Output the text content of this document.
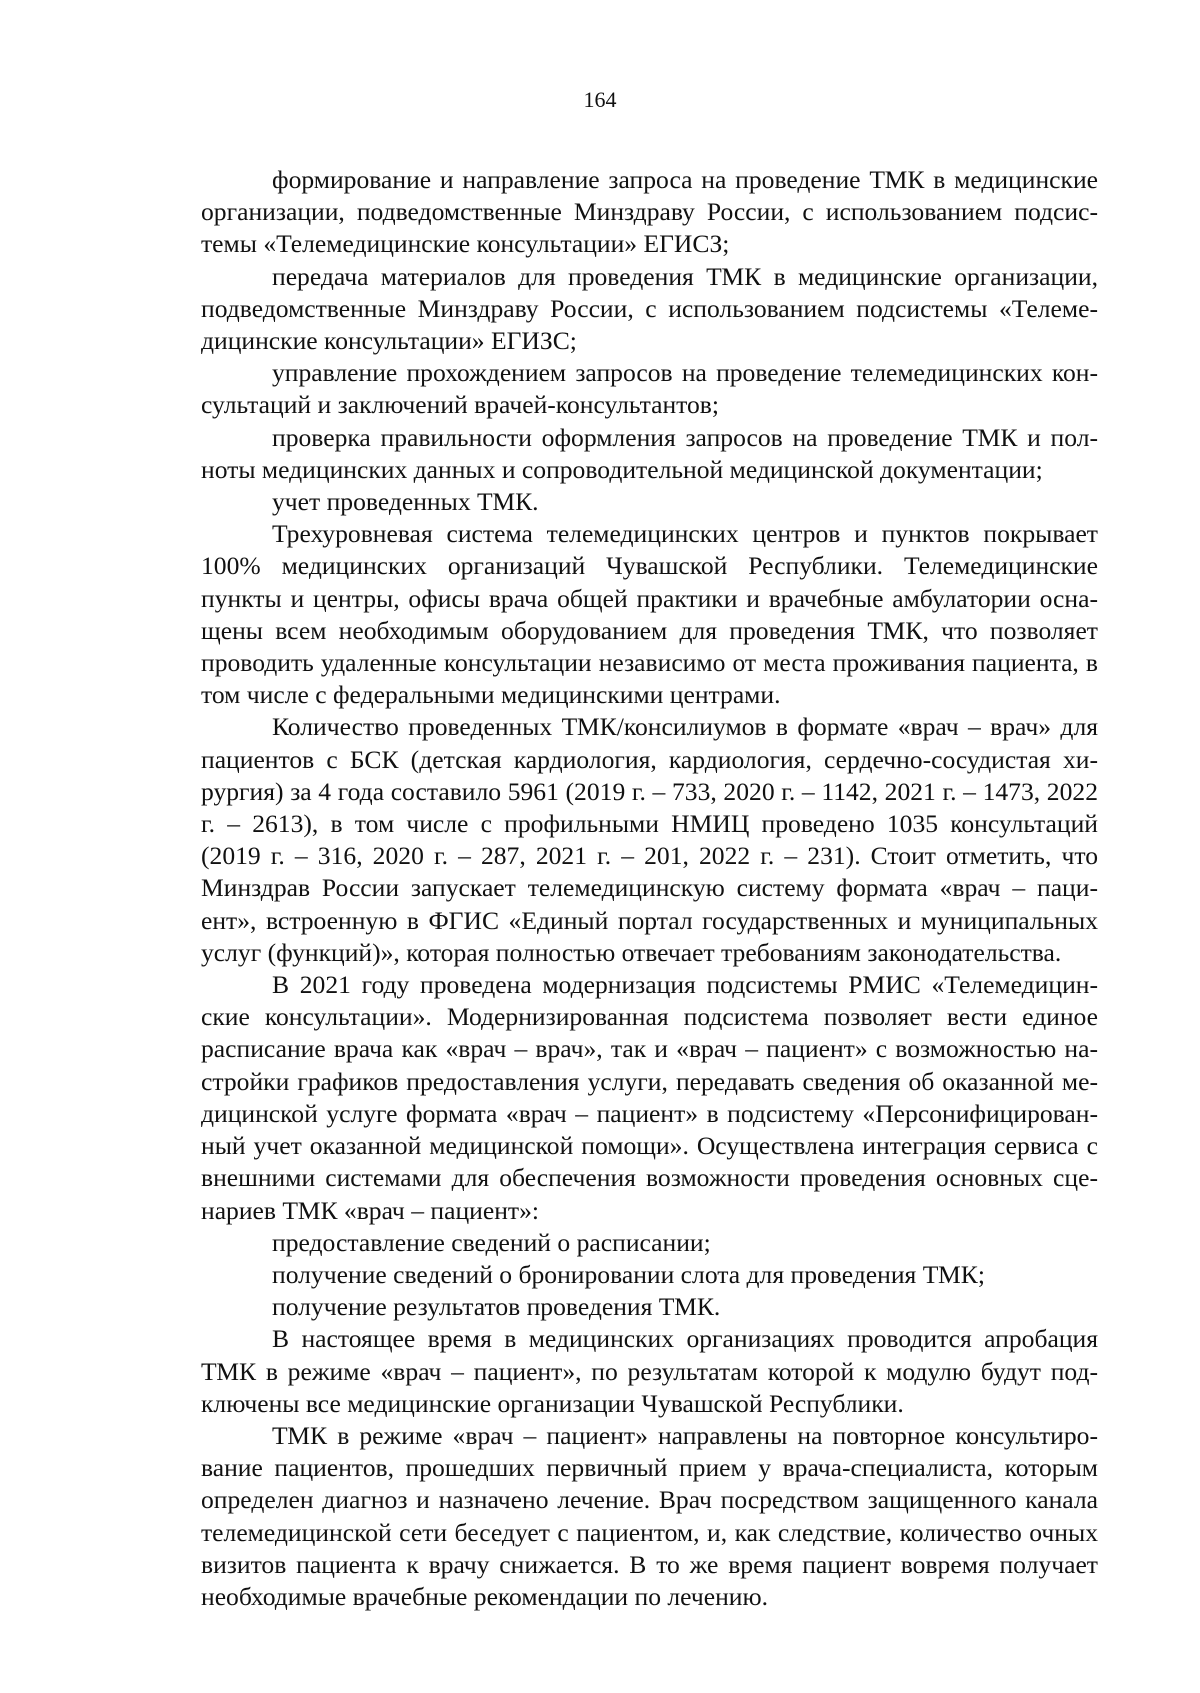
164

формирование и направление запроса на проведение ТМК в медицинские организации, подведомственные Минздраву России, с использованием подсистемы «Телемедицинские консультации» ЕГИСЗ;

передача материалов для проведения ТМК в медицинские организации, подведомственные Минздраву России, с использованием подсистемы «Телемедицинские консультации» ЕГИЗС;

управление прохождением запросов на проведение телемедицинских консультаций и заключений врачей-консультантов;

проверка правильности оформления запросов на проведение ТМК и полноты медицинских данных и сопроводительной медицинской документации;

учет проведенных ТМК.

Трехуровневая система телемедицинских центров и пунктов покрывает 100% медицинских организаций Чувашской Республики. Телемедицинские пункты и центры, офисы врача общей практики и врачебные амбулатории оснащены всем необходимым оборудованием для проведения ТМК, что позволяет проводить удаленные консультации независимо от места проживания пациента, в том числе с федеральными медицинскими центрами.

Количество проведенных ТМК/консилиумов в формате «врач – врач» для пациентов с БСК (детская кардиология, кардиология, сердечно-сосудистая хирургия) за 4 года составило 5961 (2019 г. – 733, 2020 г. – 1142, 2021 г. – 1473, 2022 г. – 2613), в том числе с профильными НМИЦ проведено 1035 консультаций (2019 г. – 316, 2020 г. – 287, 2021 г. – 201, 2022 г. – 231). Стоит отметить, что Минздрав России запускает телемедицинскую систему формата «врач – пациент», встроенную в ФГИС «Единый портал государственных и муниципальных услуг (функций)», которая полностью отвечает требованиям законодательства.

В 2021 году проведена модернизация подсистемы РМИС «Телемедицинские консультации». Модернизированная подсистема позволяет вести единое расписание врача как «врач – врач», так и «врач – пациент» с возможностью настройки графиков предоставления услуги, передавать сведения об оказанной медицинской услуге формата «врач – пациент» в подсистему «Персонифицированный учет оказанной медицинской помощи». Осуществлена интеграция сервиса с внешними системами для обеспечения возможности проведения основных сценариев ТМК «врач – пациент»:

предоставление сведений о расписании;

получение сведений о бронировании слота для проведения ТМК;

получение результатов проведения ТМК.

В настоящее время в медицинских организациях проводится апробация ТМК в режиме «врач – пациент», по результатам которой к модулю будут подключены все медицинские организации Чувашской Республики.

ТМК в режиме «врач – пациент» направлены на повторное консультирование пациентов, прошедших первичный прием у врача-специалиста, которым определен диагноз и назначено лечение. Врач посредством защищенного канала телемедицинской сети беседует с пациентом, и, как следствие, количество очных визитов пациента к врачу снижается. В то же время пациент вовремя получает необходимые врачебные рекомендации по лечению.
